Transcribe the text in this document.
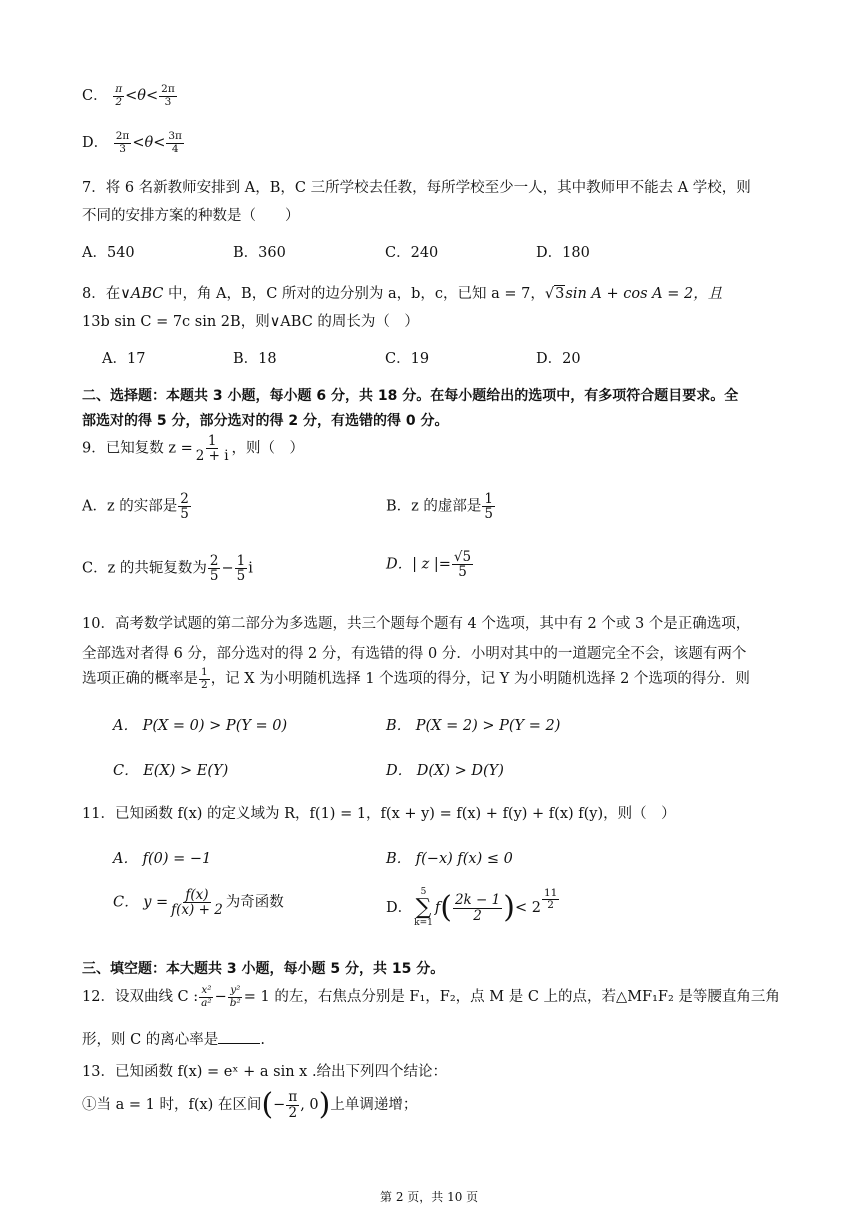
C． $\frac{\pi}{2} <\theta< \frac{2\pi}{3}$
D． $\frac{2\pi}{3} <\theta< \frac{3\pi}{4}$
7．将 6 名新教师安排到 A，B，C 三所学校去任教，每所学校至少一人，其中教师甲不能去 A 学校，则
不同的安排方案的种数是（　　）
A．540	B．360	C．240	D．180
8．在∨ABC 中，角 A，B，C 所对的边分别为 a，b，c，已知 a = 7，√3sin A + cos A = 2，且
13b sin C = 7c sin 2B，则∨ABC 的周长为（　）
A．17	B．18	C．19	D．20
二、选择题：本题共 3 小题，每小题 6 分，共 18 分。在每小题给出的选项中，有多项符合题目要求。全
部选对的得 5 分，部分选对的得 2 分，有选错的得 0 分。
9．已知复数 $z = \frac{1}{2 + i}$ ，则（　）
A．z 的实部是 $\frac{2}{5}$	B．z 的虚部是 $\frac{1}{5}$
C．z 的共轭复数为 $\frac{2}{5} - \frac{1}{5}$ i	D．| z |= $\frac{√5}{5}$
10．高考数学试题的第二部分为多选题，共三个题每个题有 4 个选项，其中有 2 个或 3 个是正确选项，
全部选对者得 6 分，部分选对的得 2 分，有选错的得 0 分．小明对其中的一道题完全不会，该题有两个
选项正确的概率是 $\frac{1}{2}$ ，记 X 为小明随机选择 1 个选项的得分，记 Y 为小明随机选择 2 个选项的得分．则
A． P(X = 0) > P(Y = 0)	B． P(X = 2) > P(Y = 2)
C． E(X) > E(Y)	D． D(X) > D(Y)
11．已知函数 f(x) 的定义域为 R，f(1) = 1，f(x + y) = f(x) + f(y) + f(x) f(y)，则（　）
A． f(0) = −1	B． f(−x) f(x) ≤ 0
C． $y = \frac{f(x)}{f(x) + 2}$ 为奇函数	D．
5
∑
k=1
$f( \frac{2k - 1}{2}$ )< 2 $^{\frac{11}{2}}$
三、填空题：本大题共 3 小题，每小题 5 分，共 15 分。
12．设双曲线 C : $\frac{\text{x²}}{\text{a²}} - \frac{\text{y²}}{\text{b²}} = 1$ 的左，右焦点分别是 F₁，F₂，点 M 是 C 上的点，若△MF₁F₂ 是等腰直角三角
形，则 C 的离心率是	.
13．已知函数 f(x) = eˣ + a sin x .给出下列四个结论：
①当 a = 1 时，f(x) 在区间(− $\frac{\pi}{2}$ , 0)上单调递增；
第 2 页，共 10 页
